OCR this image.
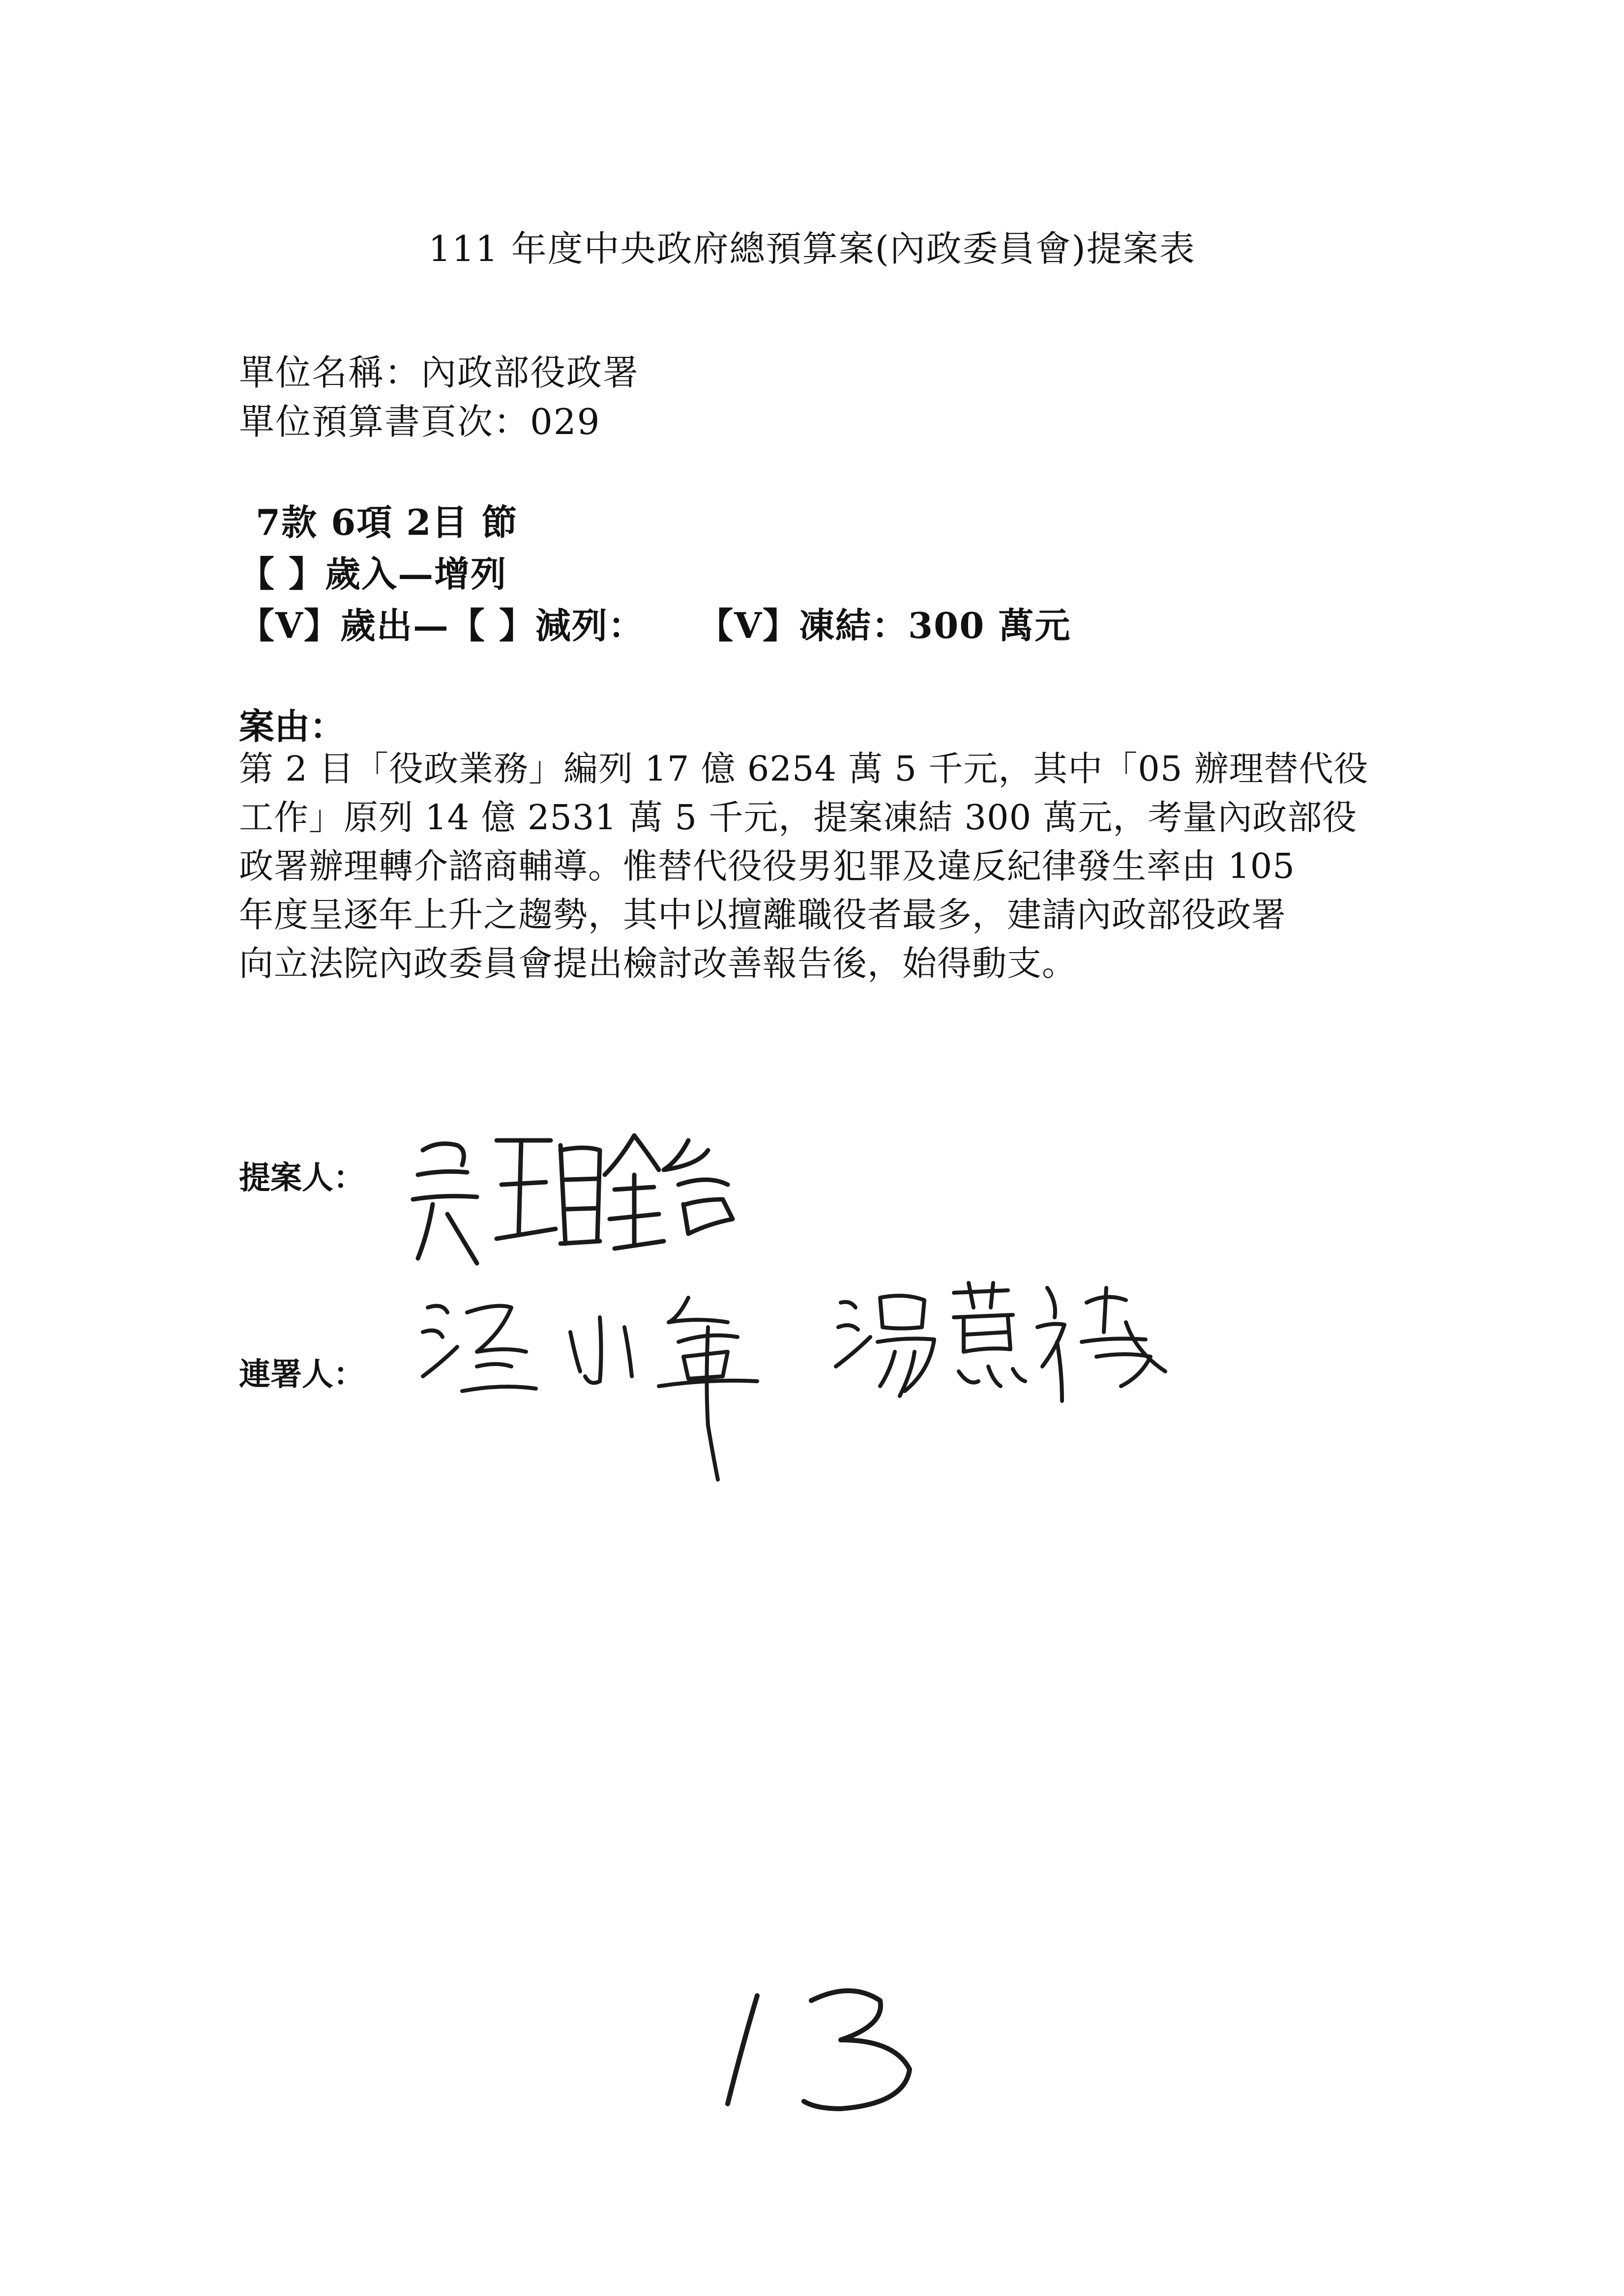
111 年度中央政府總預算案(內政委員會)提案表
單位名稱：內政部役政署
單位預算書頁次：029
7款 6項 2目 節
【 】歲入—增列
【V】歲出—【 】減列：    【V】凍結：300 萬元
案由：
第 2 目「役政業務」編列 17 億 6254 萬 5 千元，其中「05 辦理替代役
工作」原列 14 億 2531 萬 5 千元，提案凍結 300 萬元，考量內政部役
政署辦理轉介諮商輔導。惟替代役役男犯罪及違反紀律發生率由 105
年度呈逐年上升之趨勢，其中以擅離職役者最多，建請內政部役政署
向立法院內政委員會提出檢討改善報告後，始得動支。
提案人：
連署人：
